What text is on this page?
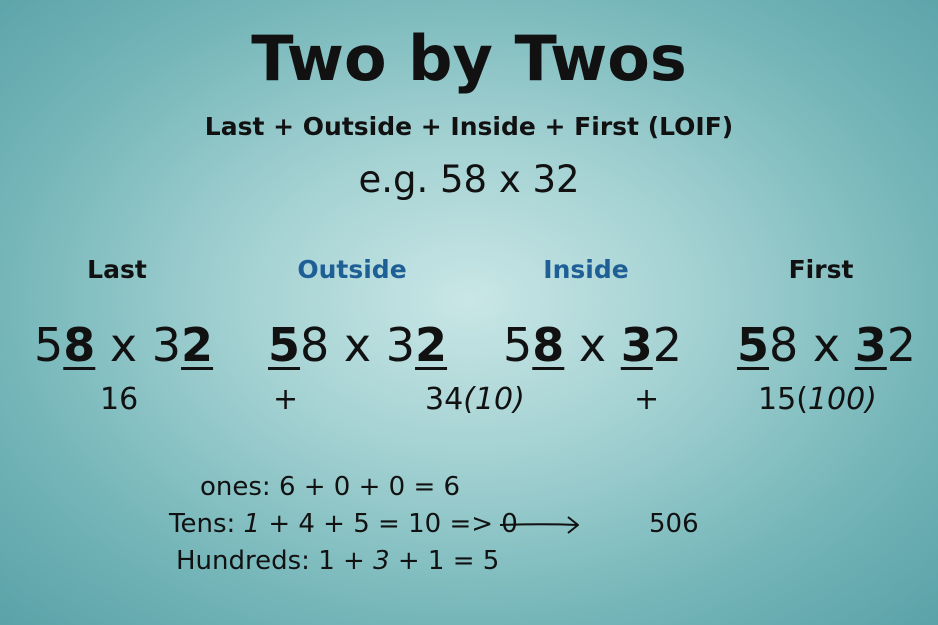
Two by Twos
Last + Outside + Inside + First (LOIF)
e.g. 58 x 32
Last	Outside	Inside	First
58 x 32	58 x 32	58 x 32	58 x 32
16	+	34(10)	+	15(100)
ones: 6 + 0 + 0 = 6
Tens: 1 + 4 + 5 = 10 => 0
Hundreds: 1 + 3 + 1 = 5
506
